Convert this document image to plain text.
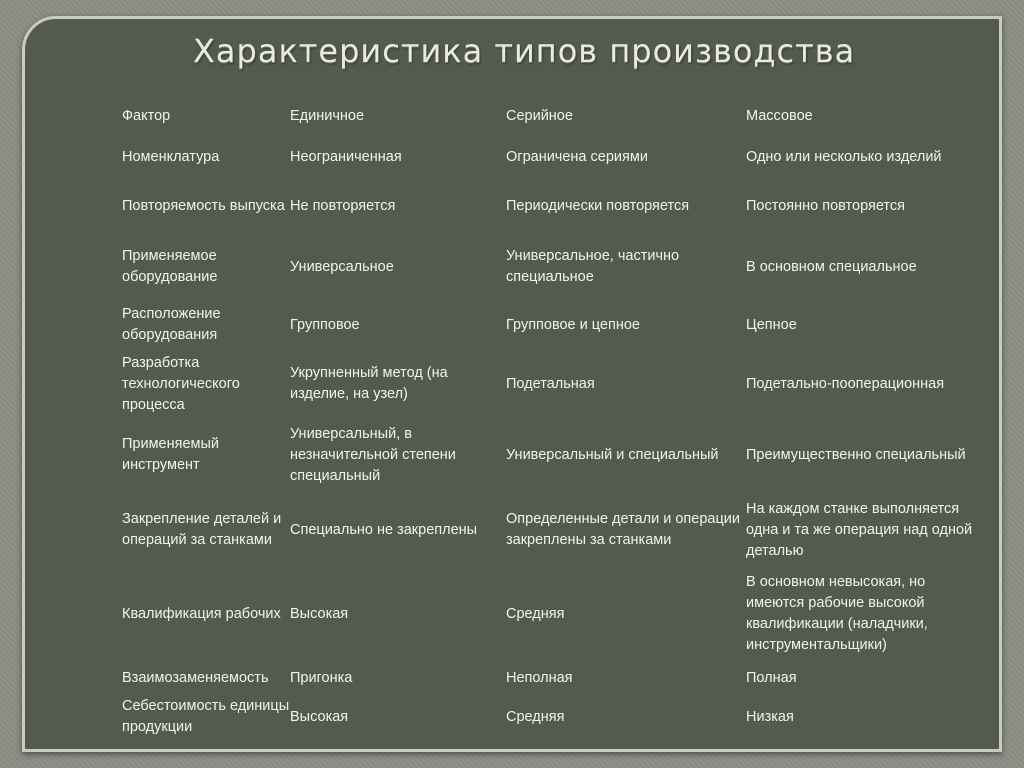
Характеристика типов производства
Фактор	Единичное	Серийное	Массовое
Номенклатура	Неограниченная	Ограничена сериями	Одно или несколько изделий
Повторяемость выпуска	Не повторяется	Периодически повторяется	Постоянно повторяется
Применяемое оборудование	Универсальное	Универсальное, частично специальное	В основном специальное
Расположение оборудования	Групповое	Групповое и цепное	Цепное
Разработка технологического процесса	Укрупненный метод (на изделие, на узел)	Подетальная	Подетально-пооперационная
Применяемый инструмент	Универсальный, в незначительной степени специальный	Универсальный и специальный	Преимущественно специальный
Закрепление деталей и операций за станками	Специально не закреплены	Определенные детали и операции закреплены за станками	На каждом станке выполняется одна и та же операция над одной деталью
Квалификация рабочих	Высокая	Средняя	В основном невысокая, но имеются рабочие высокой квалификации (наладчики, инструментальщики)
Взаимозаменяемость	Пригонка	Неполная	Полная
Себестоимость единицы продукции	Высокая	Средняя	Низкая
